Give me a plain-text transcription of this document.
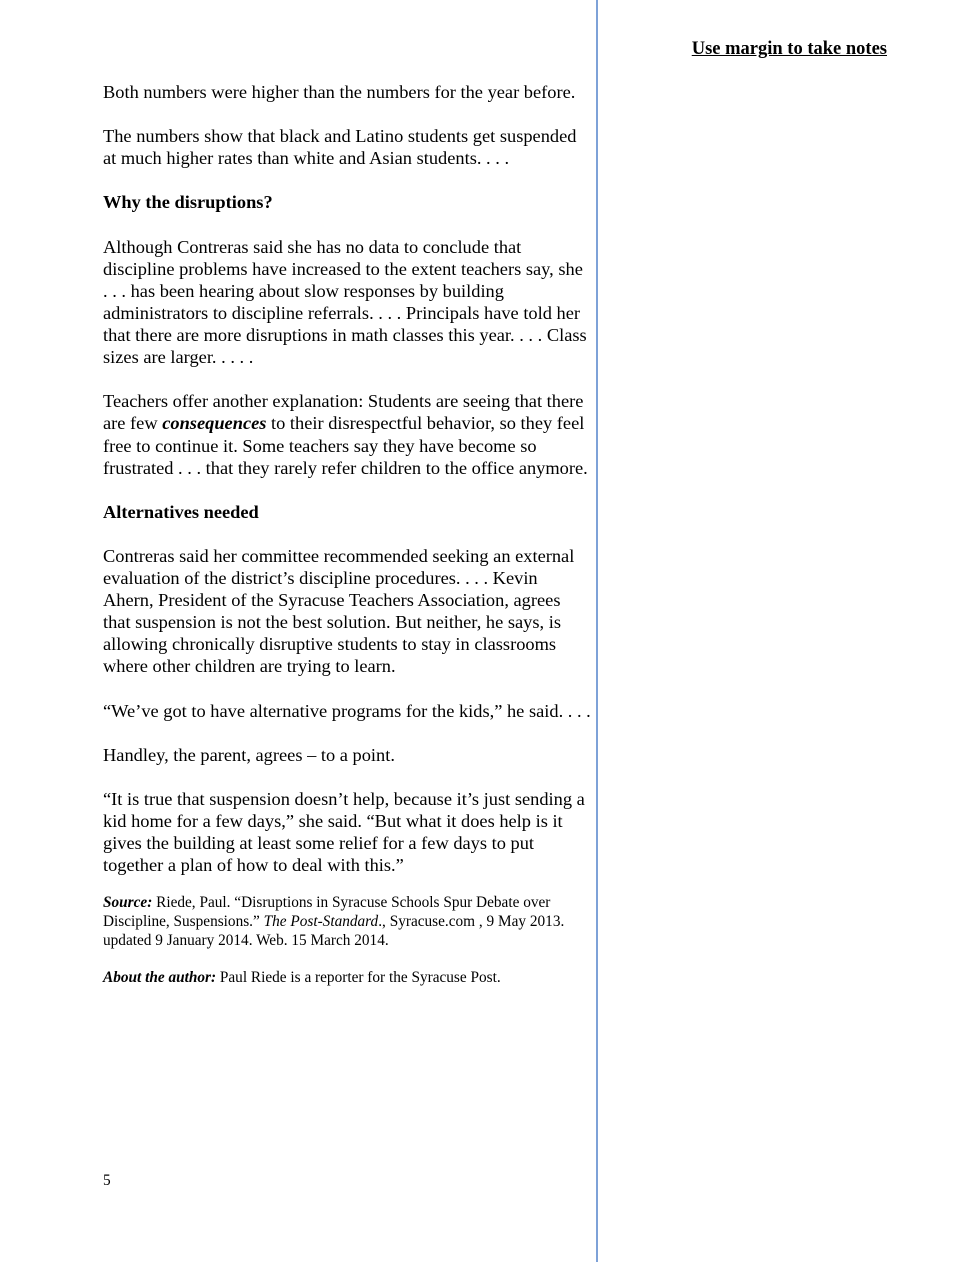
Use margin to take notes

Both numbers were higher than the numbers for the year before.

The numbers show that black and Latino students get suspended at much higher rates than white and Asian students. . . .

Why the disruptions?

Although Contreras said she has no data to conclude that discipline problems have increased to the extent teachers say, she . . . has been hearing about slow responses by building administrators to discipline referrals. . . . Principals have told her that there are more disruptions in math classes this year. . . . Class sizes are larger. . . . .

Teachers offer another explanation: Students are seeing that there are few consequences to their disrespectful behavior, so they feel free to continue it. Some teachers say they have become so frustrated . . . that they rarely refer children to the office anymore.

Alternatives needed

Contreras said her committee recommended seeking an external evaluation of the district’s discipline procedures. . . . Kevin Ahern, President of the Syracuse Teachers Association, agrees that suspension is not the best solution. But neither, he says, is allowing chronically disruptive students to stay in classrooms where other children are trying to learn.

“We’ve got to have alternative programs for the kids,” he said. . . .

Handley, the parent, agrees – to a point.

“It is true that suspension doesn’t help, because it’s just sending a kid home for a few days,” she said. “But what it does help is it gives the building at least some relief for a few days to put together a plan of how to deal with this.”

Source: Riede, Paul. “Disruptions in Syracuse Schools Spur Debate over Discipline, Suspensions.” The Post-Standard., Syracuse.com , 9 May 2013. updated 9 January 2014. Web. 15 March 2014.

About the author: Paul Riede is a reporter for the Syracuse Post.

5
